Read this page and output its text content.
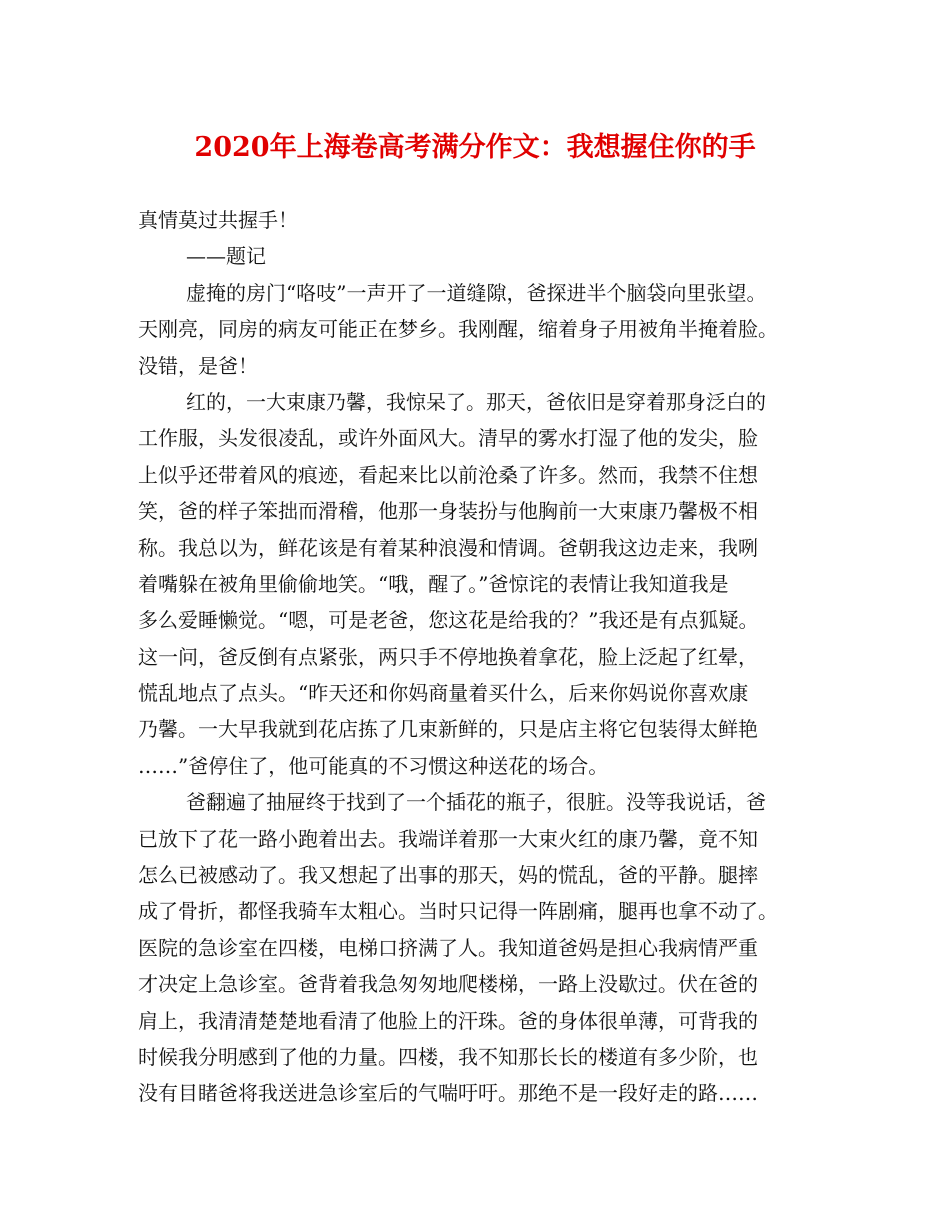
2020年上海卷高考满分作文：我想握住你的手
真情莫过共握手！
——题记
虚掩的房门“咯吱”一声开了一道缝隙，爸探进半个脑袋向里张望。
天刚亮，同房的病友可能正在梦乡。我刚醒，缩着身子用被角半掩着脸。
没错，是爸！
红的，一大束康乃馨，我惊呆了。那天，爸依旧是穿着那身泛白的
工作服，头发很凌乱，或许外面风大。清早的雾水打湿了他的发尖，脸
上似乎还带着风的痕迹，看起来比以前沧桑了许多。然而，我禁不住想
笑，爸的样子笨拙而滑稽，他那一身装扮与他胸前一大束康乃馨极不相
称。我总以为，鲜花该是有着某种浪漫和情调。爸朝我这边走来，我咧
着嘴躲在被角里偷偷地笑。“哦，醒了。”爸惊诧的表情让我知道我是
多么爱睡懒觉。“嗯，可是老爸，您这花是给我的？”我还是有点狐疑。
这一问，爸反倒有点紧张，两只手不停地换着拿花，脸上泛起了红晕，
慌乱地点了点头。“昨天还和你妈商量着买什么，后来你妈说你喜欢康
乃馨。一大早我就到花店拣了几束新鲜的，只是店主将它包装得太鲜艳
……”爸停住了，他可能真的不习惯这种送花的场合。
爸翻遍了抽屉终于找到了一个插花的瓶子，很脏。没等我说话，爸
已放下了花一路小跑着出去。我端详着那一大束火红的康乃馨，竟不知
怎么已被感动了。我又想起了出事的那天，妈的慌乱，爸的平静。腿摔
成了骨折，都怪我骑车太粗心。当时只记得一阵剧痛，腿再也拿不动了。
医院的急诊室在四楼，电梯口挤满了人。我知道爸妈是担心我病情严重
才决定上急诊室。爸背着我急匆匆地爬楼梯，一路上没歇过。伏在爸的
肩上，我清清楚楚地看清了他脸上的汗珠。爸的身体很单薄，可背我的
时候我分明感到了他的力量。四楼，我不知那长长的楼道有多少阶，也
没有目睹爸将我送进急诊室后的气喘吁吁。那绝不是一段好走的路……
